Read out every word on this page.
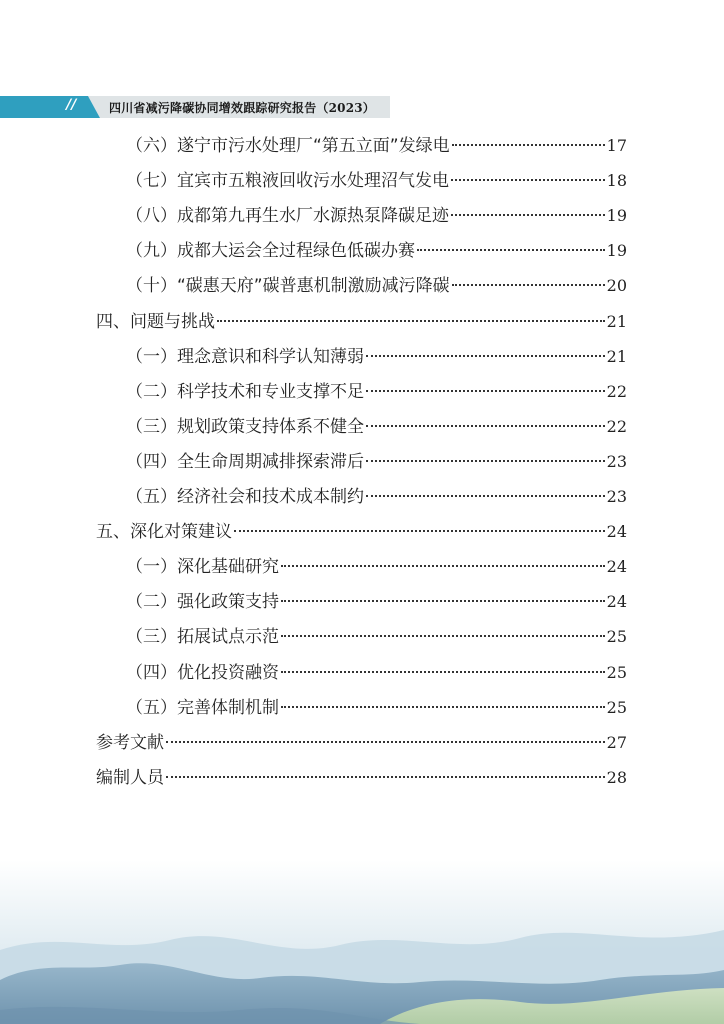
//	四川省减污降碳协同增效跟踪研究报告（2023）
（六）遂宁市污水处理厂“第五立面”发绿电	17
（七）宜宾市五粮液回收污水处理沼气发电	18
（八）成都第九再生水厂水源热泵降碳足迹	19
（九）成都大运会全过程绿色低碳办赛	19
（十）“碳惠天府”碳普惠机制激励减污降碳	20
四、问题与挑战	21
（一）理念意识和科学认知薄弱	21
（二）科学技术和专业支撑不足	22
（三）规划政策支持体系不健全	22
（四）全生命周期减排探索滞后	23
（五）经济社会和技术成本制约	23
五、深化对策建议	24
（一）深化基础研究	24
（二）强化政策支持	24
（三）拓展试点示范	25
（四）优化投资融资	25
（五）完善体制机制	25
参考文献	27
编制人员	28
